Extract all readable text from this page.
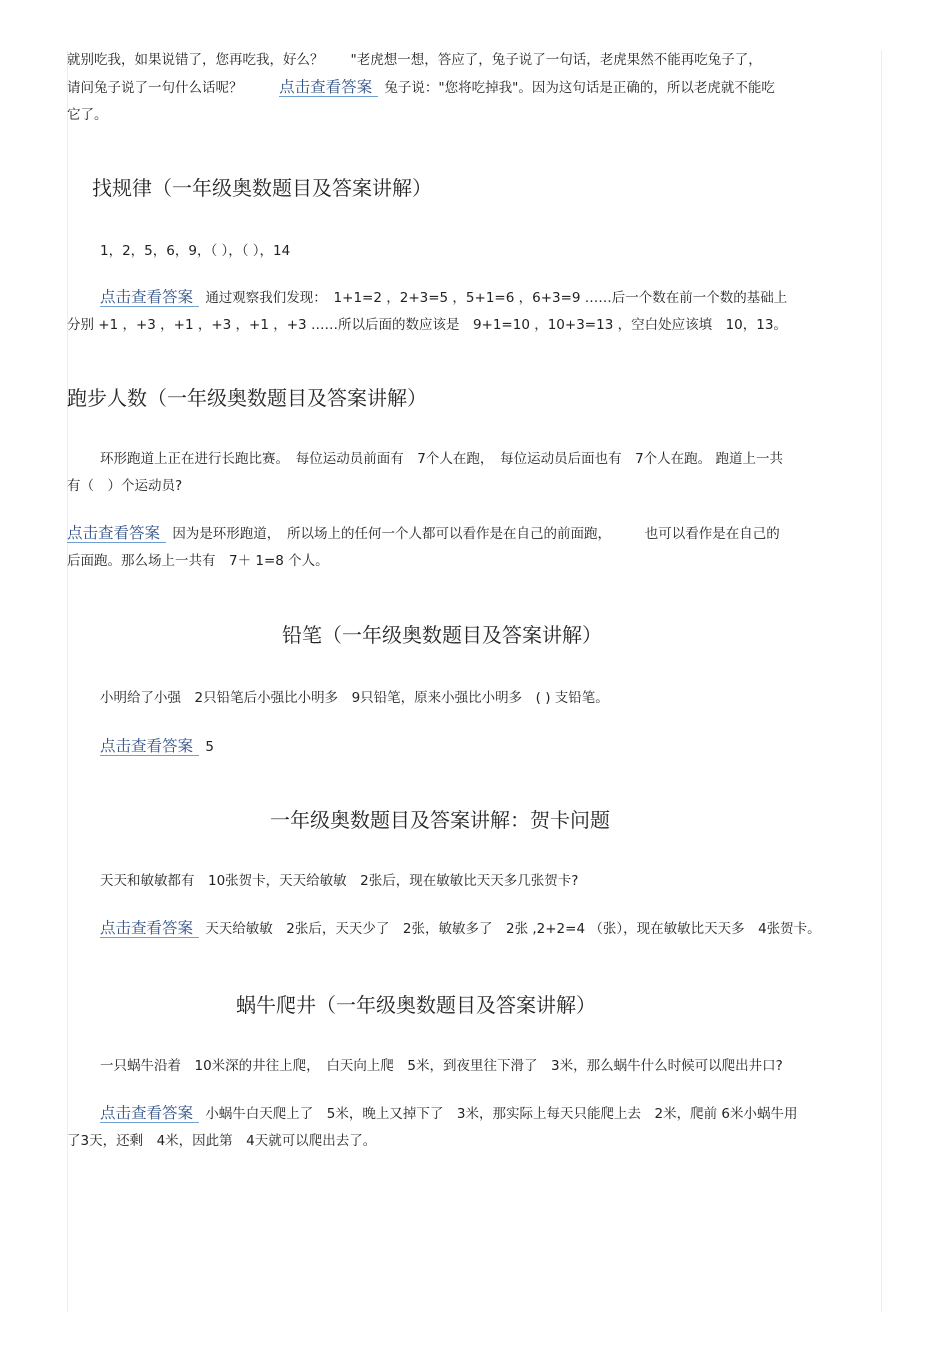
就别吃我，如果说错了，您再吃我，好么？　　"老虎想一想，答应了，兔子说了一句话，老虎果然不能再吃兔子了，
请问兔子说了一句什么话呢？ 点击查看答案 兔子说："您将吃掉我"。因为这句话是正确的，所以老虎就不能吃
它了。
找规律（一年级奥数题目及答案讲解）
1，2，5，6，9，（ ），（ ），14
点击查看答案 通过观察我们发现：　1+1=2 ，2+3=5 ，5+1=6 ，6+3=9 ……后一个数在前一个数的基础上
分别 +1 ，+3 ，+1 ，+3 ，+1 ，+3 ……所以后面的数应该是　9+1=10 ，10+3=13 ，空白处应该填　10，13。
跑步人数（一年级奥数题目及答案讲解）
环形跑道上正在进行长跑比赛。　每位运动员前面有　7个人在跑，　每位运动员后面也有　7个人在跑。 跑道上一共
有（　）个运动员?
点击查看答案 因为是环形跑道，　所以场上的任何一个人都可以看作是在自己的前面跑，　　　也可以看作是在自己的
后面跑。那么场上一共有　7＋ 1=8 个人。
铅笔（一年级奥数题目及答案讲解）
小明给了小强　2只铅笔后小强比小明多　9只铅笔，原来小强比小明多　( ) 支铅笔。
点击查看答案 5
一年级奥数题目及答案讲解：贺卡问题
天天和敏敏都有　10张贺卡，天天给敏敏　2张后，现在敏敏比天天多几张贺卡?
点击查看答案 天天给敏敏　2张后，天天少了　2张，敏敏多了　2张 ,2+2=4 （张），现在敏敏比天天多　4张贺卡。
蜗牛爬井（一年级奥数题目及答案讲解）
一只蜗牛沿着　10米深的井往上爬，　白天向上爬　5米，到夜里往下滑了　3米，那么蜗牛什么时候可以爬出井口?
点击查看答案 小蜗牛白天爬上了　5米，晚上又掉下了　3米，那实际上每天只能爬上去　2米，爬前 6米小蜗牛用
了3天，还剩　4米，因此第　4天就可以爬出去了。
